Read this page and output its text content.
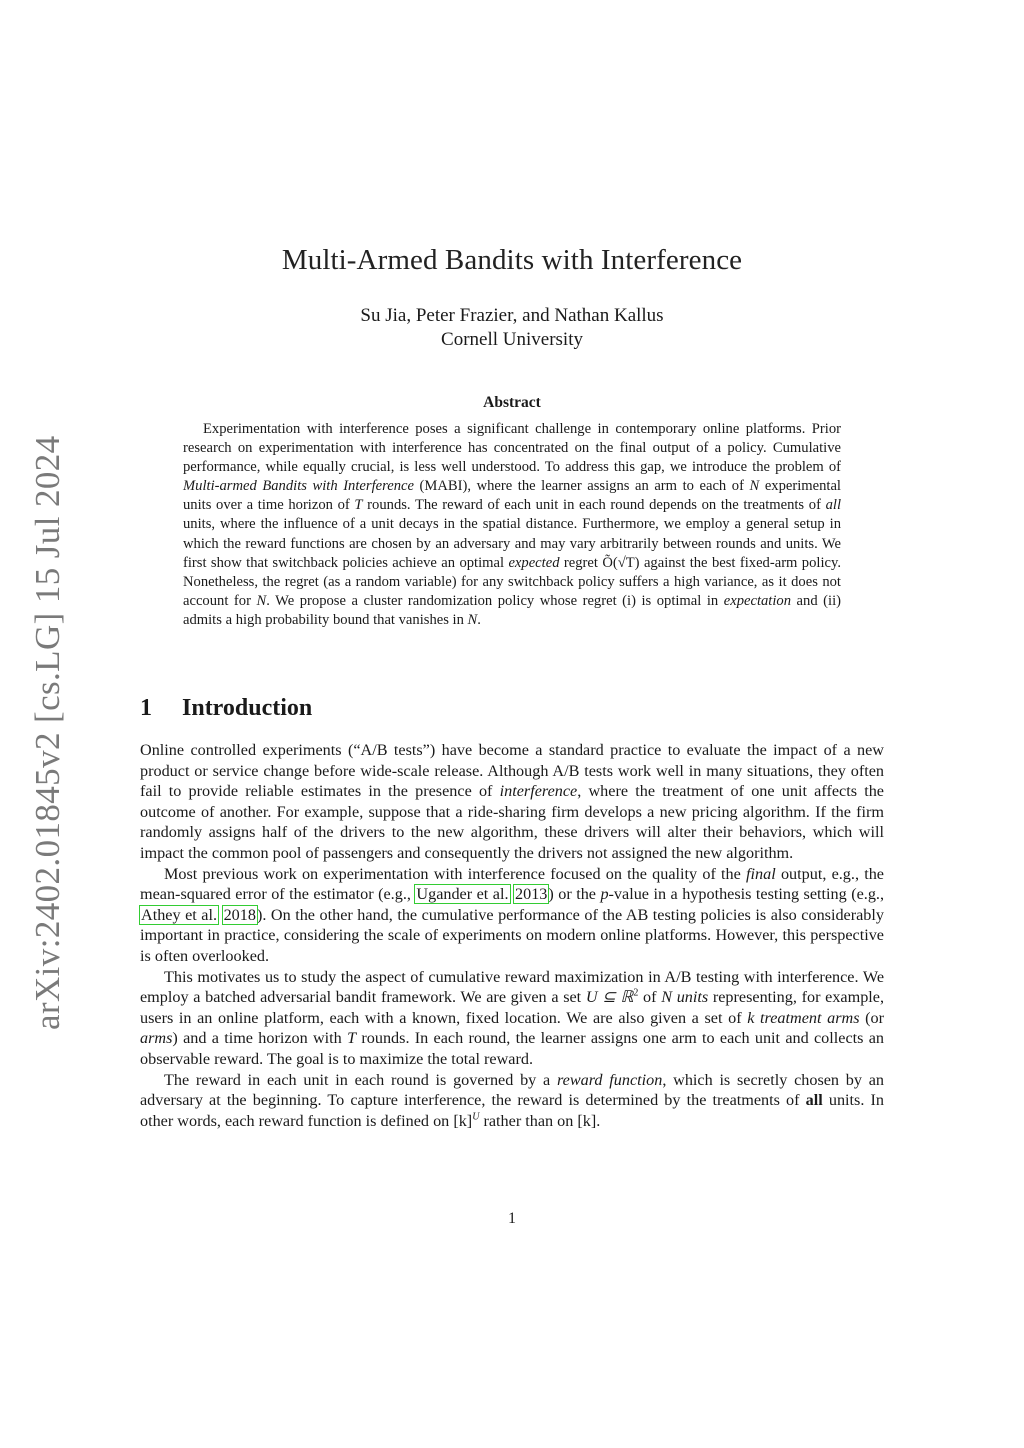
arXiv:2402.01845v2 [cs.LG] 15 Jul 2024
Multi-Armed Bandits with Interference
Su Jia, Peter Frazier, and Nathan Kallus
Cornell University
Abstract

Experimentation with interference poses a significant challenge in contemporary online platforms. Prior research on experimentation with interference has concentrated on the final output of a policy. Cumulative performance, while equally crucial, is less well understood. To address this gap, we introduce the problem of Multi-armed Bandits with Interference (MABI), where the learner assigns an arm to each of N experimental units over a time horizon of T rounds. The reward of each unit in each round depends on the treatments of all units, where the influence of a unit decays in the spatial distance. Furthermore, we employ a general setup in which the reward functions are chosen by an adversary and may vary arbitrarily between rounds and units. We first show that switchback policies achieve an optimal expected regret Õ(√T) against the best fixed-arm policy. Nonetheless, the regret (as a random variable) for any switchback policy suffers a high variance, as it does not account for N. We propose a cluster randomization policy whose regret (i) is optimal in expectation and (ii) admits a high probability bound that vanishes in N.

1 Introduction

Online controlled experiments (“A/B tests”) have become a standard practice to evaluate the impact of a new product or service change before wide-scale release. Although A/B tests work well in many situations, they often fail to provide reliable estimates in the presence of interference, where the treatment of one unit affects the outcome of another. For example, suppose that a ride-sharing firm develops a new pricing algorithm. If the firm randomly assigns half of the drivers to the new algorithm, these drivers will alter their behaviors, which will impact the common pool of passengers and consequently the drivers not assigned the new algorithm.

Most previous work on experimentation with interference focused on the quality of the final output, e.g., the mean-squared error of the estimator (e.g., Ugander et al. 2013) or the p-value in a hypothesis testing setting (e.g., Athey et al. 2018). On the other hand, the cumulative performance of the AB testing policies is also considerably important in practice, considering the scale of experiments on modern online platforms. However, this perspective is often overlooked.

This motivates us to study the aspect of cumulative reward maximization in A/B testing with interference. We employ a batched adversarial bandit framework. We are given a set U ⊆ ℝ$^2$ of N units representing, for example, users in an online platform, each with a known, fixed location. We are also given a set of k treatment arms (or arms) and a time horizon with T rounds. In each round, the learner assigns one arm to each unit and collects an observable reward. The goal is to maximize the total reward.

The reward in each unit in each round is governed by a reward function, which is secretly chosen by an adversary at the beginning. To capture interference, the reward is determined by the treatments of all units. In other words, each reward function is defined on $[k]^U$ rather than on [k].

1
